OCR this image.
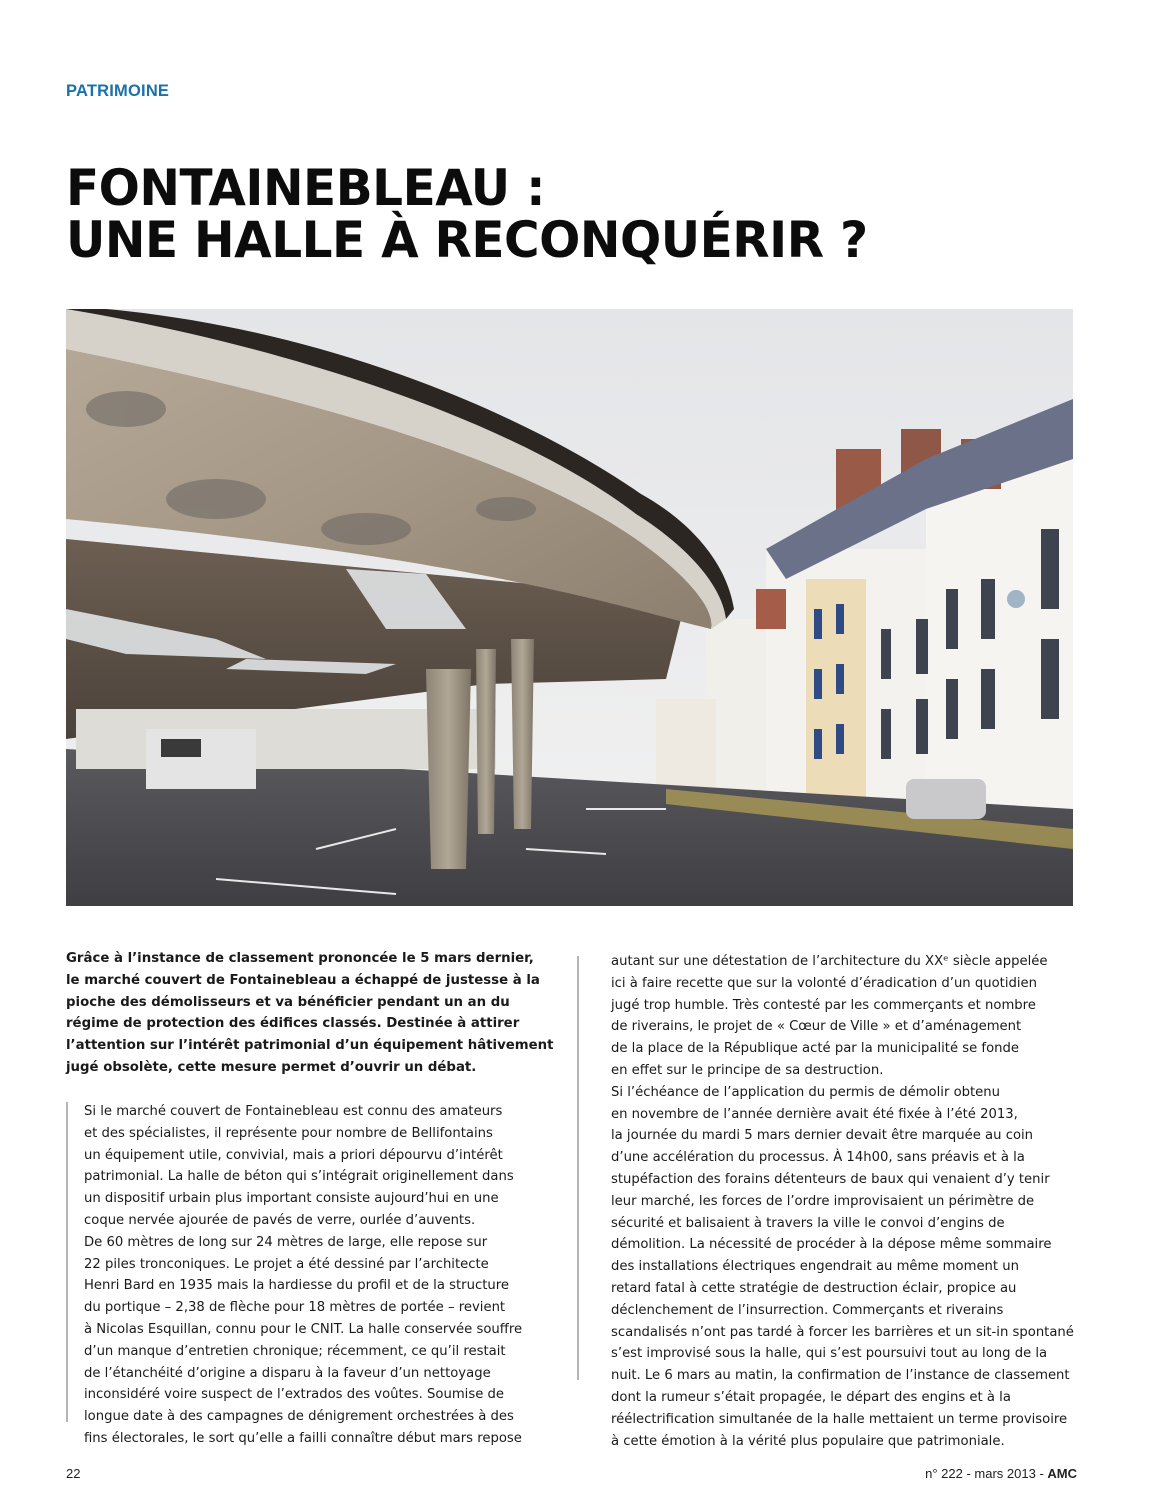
PATRIMOINE
FONTAINEBLEAU :
UNE HALLE À RECONQUÉRIR ?
Grâce à l’instance de classement prononcée le 5 mars dernier,
le marché couvert de Fontainebleau a échappé de justesse à la
pioche des démolisseurs et va bénéficier pendant un an du
régime de protection des édifices classés. Destinée à attirer
l’attention sur l’intérêt patrimonial d’un équipement hâtivement
jugé obsolète, cette mesure permet d’ouvrir un débat.
Si le marché couvert de Fontainebleau est connu des amateurs
et des spécialistes, il représente pour nombre de Bellifontains
un équipement utile, convivial, mais a priori dépourvu d’intérêt
patrimonial. La halle de béton qui s’intégrait originellement dans
un dispositif urbain plus important consiste aujourd’hui en une
coque nervée ajourée de pavés de verre, ourlée d’auvents.
De 60 mètres de long sur 24 mètres de large, elle repose sur
22 piles tronconiques. Le projet a été dessiné par l’architecte
Henri Bard en 1935 mais la hardiesse du profil et de la structure
du portique – 2,38 de flèche pour 18 mètres de portée – revient
à Nicolas Esquillan, connu pour le CNIT. La halle conservée souffre
d’un manque d’entretien chronique; récemment, ce qu’il restait
de l’étanchéité d’origine a disparu à la faveur d’un nettoyage
inconsidéré voire suspect de l’extrados des voûtes. Soumise de
longue date à des campagnes de dénigrement orchestrées à des
fins électorales, le sort qu’elle a failli connaître début mars repose
autant sur une détestation de l’architecture du XXᵉ siècle appelée
ici à faire recette que sur la volonté d’éradication d’un quotidien
jugé trop humble. Très contesté par les commerçants et nombre
de riverains, le projet de « Cœur de Ville » et d’aménagement
de la place de la République acté par la municipalité se fonde
en effet sur le principe de sa destruction.
Si l’échéance de l’application du permis de démolir obtenu
en novembre de l’année dernière avait été fixée à l’été 2013,
la journée du mardi 5 mars dernier devait être marquée au coin
d’une accélération du processus. À 14h00, sans préavis et à la
stupéfaction des forains détenteurs de baux qui venaient d’y tenir
leur marché, les forces de l’ordre improvisaient un périmètre de
sécurité et balisaient à travers la ville le convoi d’engins de
démolition. La nécessité de procéder à la dépose même sommaire
des installations électriques engendrait au même moment un
retard fatal à cette stratégie de destruction éclair, propice au
déclenchement de l’insurrection. Commerçants et riverains
scandalisés n’ont pas tardé à forcer les barrières et un sit-in spontané
s’est improvisé sous la halle, qui s’est poursuivi tout au long de la
nuit. Le 6 mars au matin, la confirmation de l’instance de classement
dont la rumeur s’était propagée, le départ des engins et à la
réélectrification simultanée de la halle mettaient un terme provisoire
à cette émotion à la vérité plus populaire que patrimoniale.
22	n° 222 - mars 2013 - AMC
